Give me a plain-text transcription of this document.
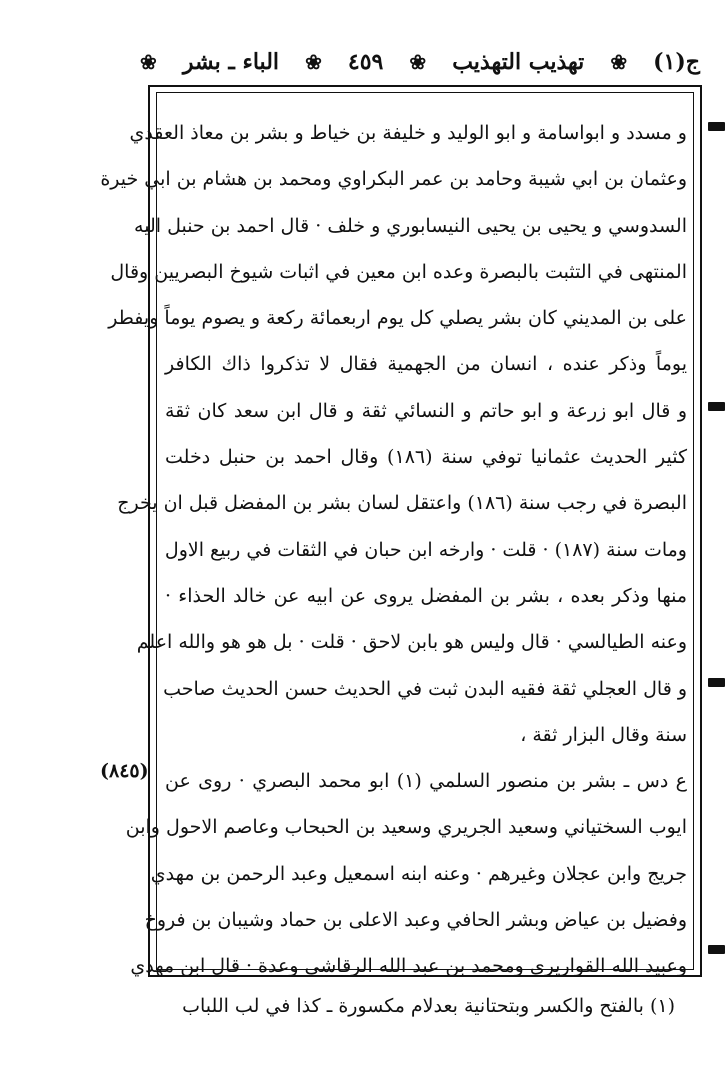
ج(١)
❀
تهذيب التهذيب
❀
٤٥٩
❀
الباء ـ بشر
❀
و مسدد و ابواسامة و ابو الوليد و خليفة بن خياط و بشر بن معاذ العقدي
وعثمان بن ابي شيبة وحامد بن عمر البكراوي ومحمد بن هشام بن ابي خيرة
السدوسي و يحيى بن يحيى النيسابوري و خلف · قال احمد بن حنبل اليه
المنتهى في التثبت بالبصرة وعده ابن معين في اثبات شيوخ البصريين وقال
على بن المديني كان بشر يصلي كل يوم اربعمائة ركعة و يصوم يوماً ويفطر
يوماً وذكر عنده ، انسان من الجهمية فقال لا تذكروا ذاك الكافر
و قال ابو زرعة و ابو حاتم و النسائي ثقة و قال ابن سعد كان ثقة
كثير الحديث عثمانيا توفي سنة (١٨٦) وقال احمد بن حنبل دخلت
البصرة في رجب سنة (١٨٦) واعتقل لسان بشر بن المفضل قبل ان يخرج
ومات سنة (١٨٧) · قلت · وارخه ابن حبان في الثقات في ربيع الاول
منها وذكر بعده ، بشر بن المفضل يروى عن ابيه عن خالد الحذاء ·
وعنه الطيالسي · قال وليس هو بابن لاحق · قلت · بل هو هو والله اعلم
و قال العجلي ثقة فقيه البدن ثبت في الحديث حسن الحديث صاحب
سنة وقال البزار ثقة ،
ع دس ـ بشر بن منصور السلمي (١) ابو محمد البصري · روى عن
ايوب السختياني وسعيد الجريري وسعيد بن الحبحاب وعاصم الاحول وابن
جريج وابن عجلان وغيرهم · وعنه ابنه اسمعيل وعبد الرحمن بن مهدي
وفضيل بن عياض وبشر الحافي وعبد الاعلى بن حماد وشيبان بن فروخ
وعبيد الله القواريري ومحمد بن عبد الله الرقاشي وعدة · قال ابن مهدي
(٨٤٥)
(١) بالفتح والكسر وبتحتانية بعدلام مكسورة ـ كذا في لب اللباب
